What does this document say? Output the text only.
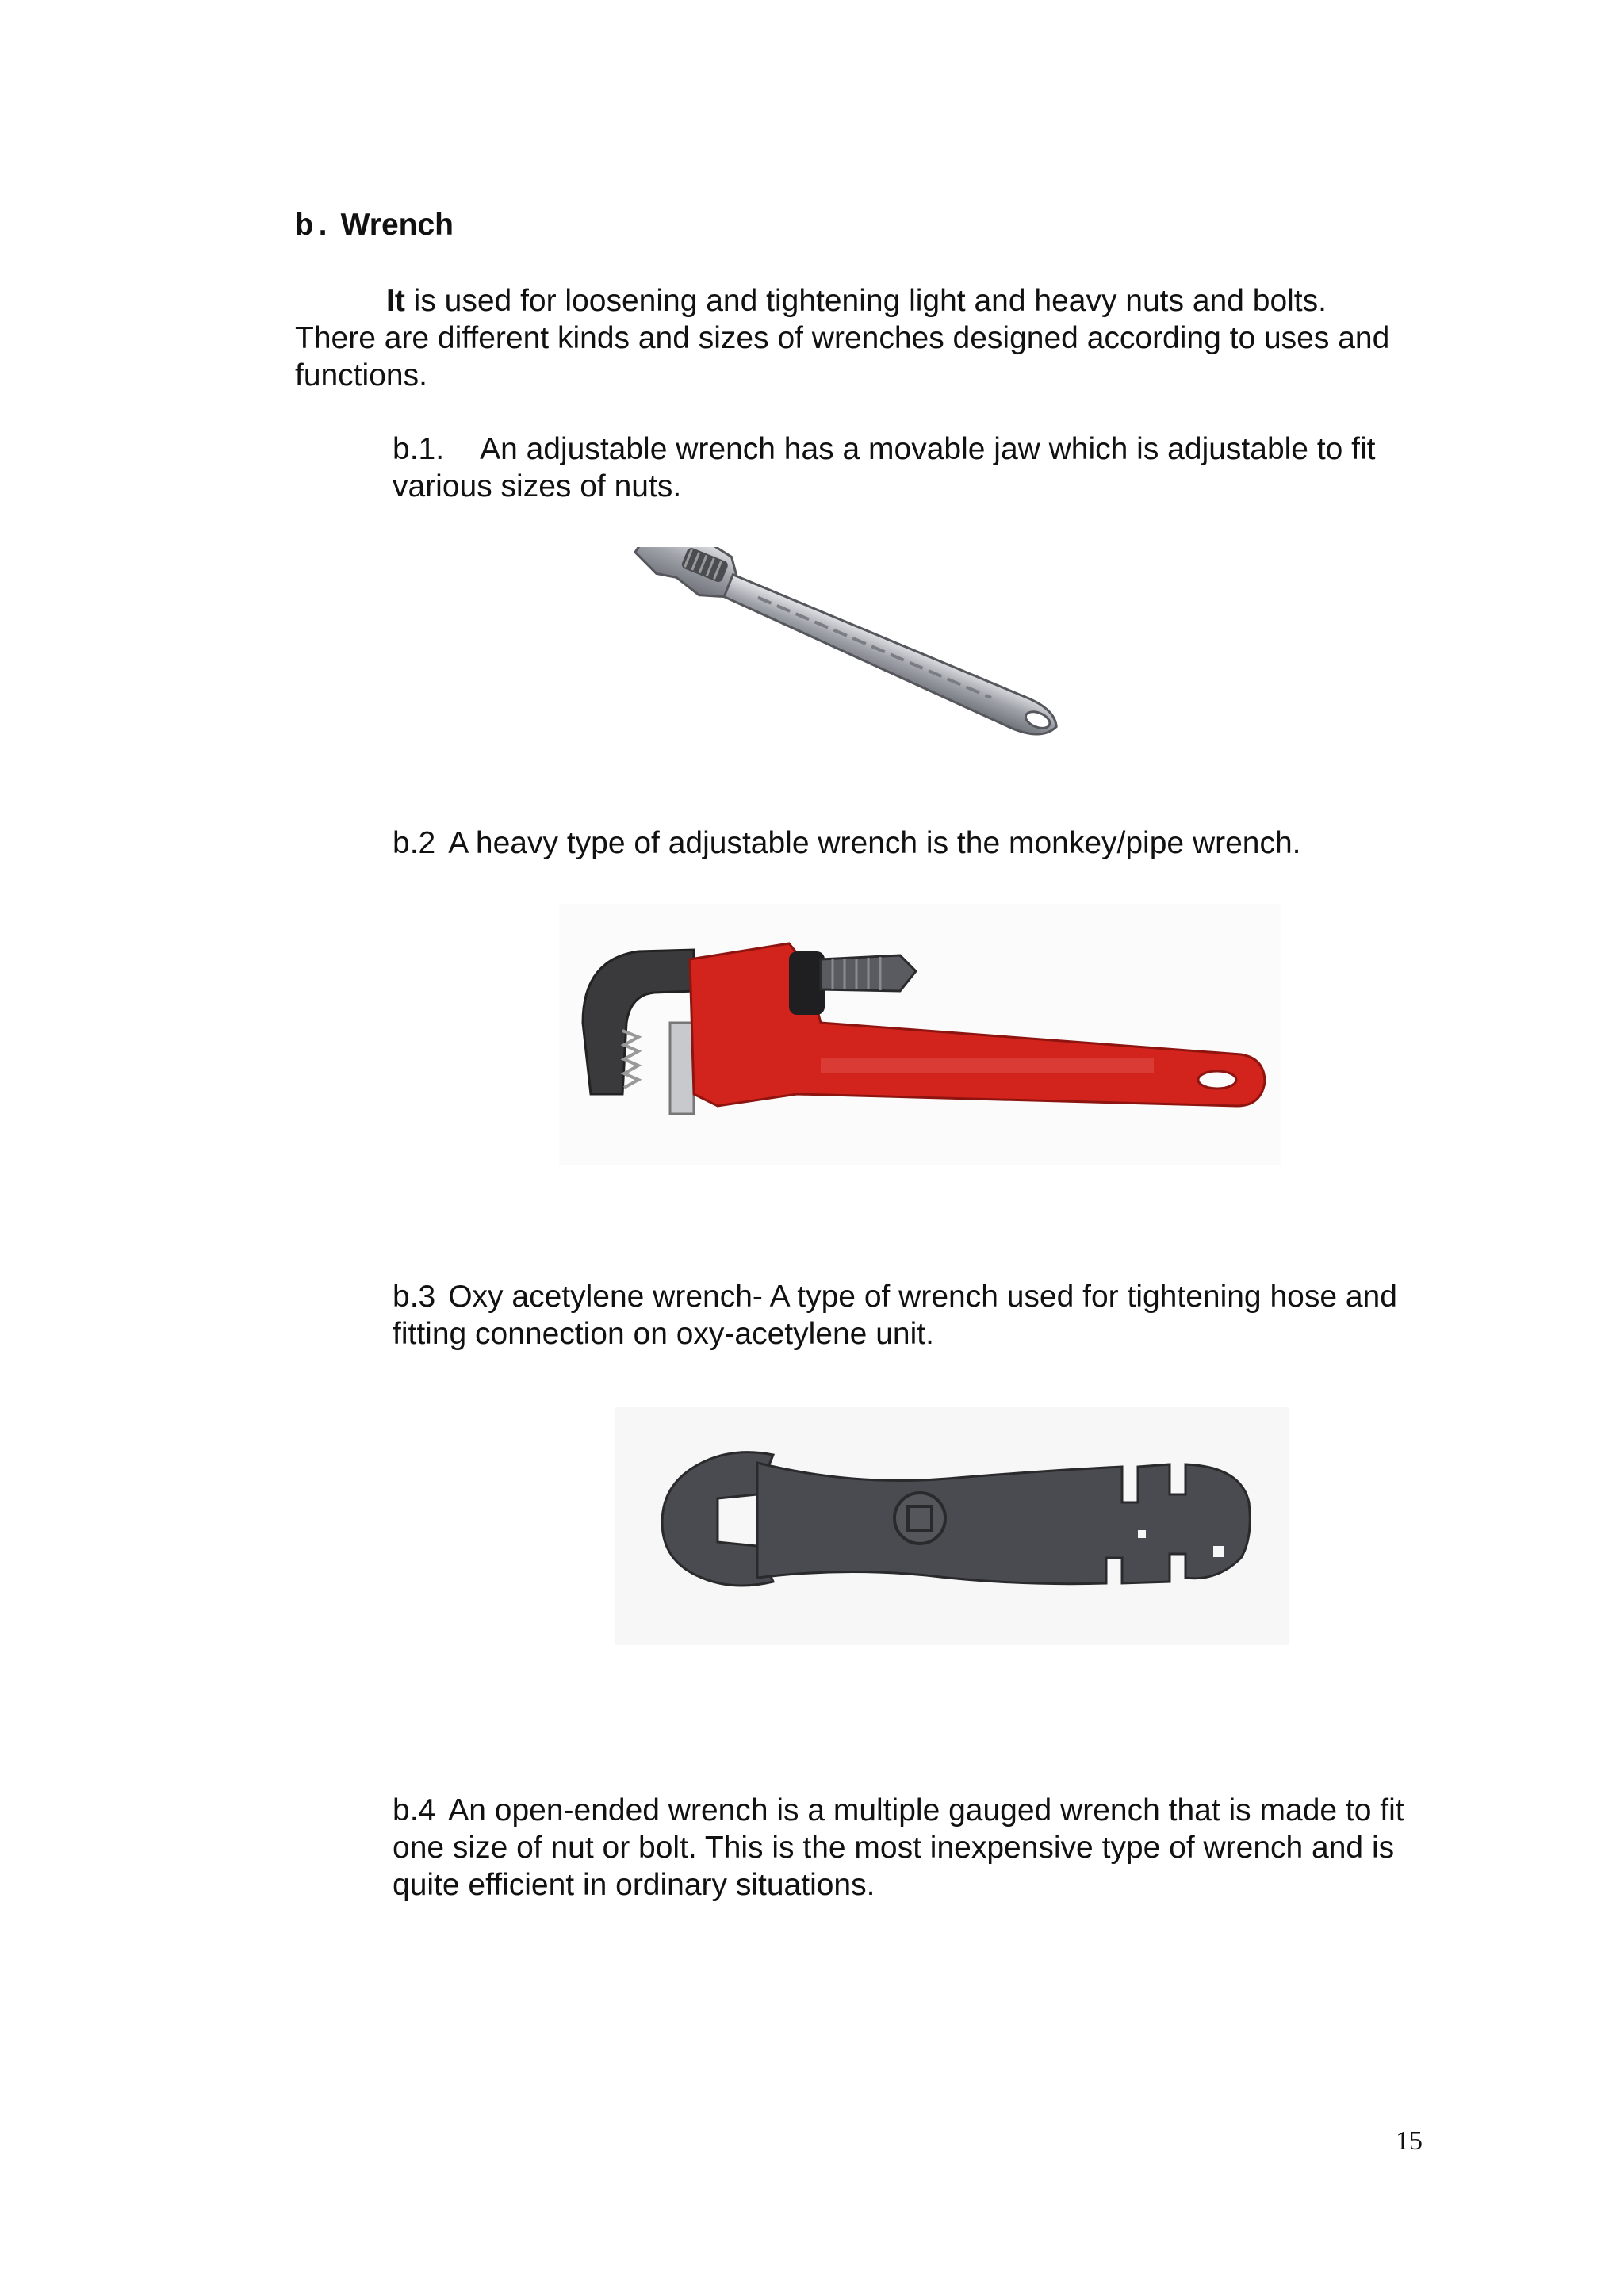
b. Wrench
It is used for loosening and tightening light and heavy nuts and bolts. There are different kinds and sizes of wrenches designed according to uses and functions.
b.1. An adjustable wrench has a movable jaw which is adjustable to fit various sizes of nuts.
b.2 A heavy type of adjustable wrench is the monkey/pipe wrench.
b.3 Oxy acetylene wrench- A type of wrench used for tightening hose and fitting connection on oxy-acetylene unit.
b.4 An open-ended wrench is a multiple gauged wrench that is made to fit one size of nut or bolt. This is the most inexpensive type of wrench and is quite efficient in ordinary situations.
15
